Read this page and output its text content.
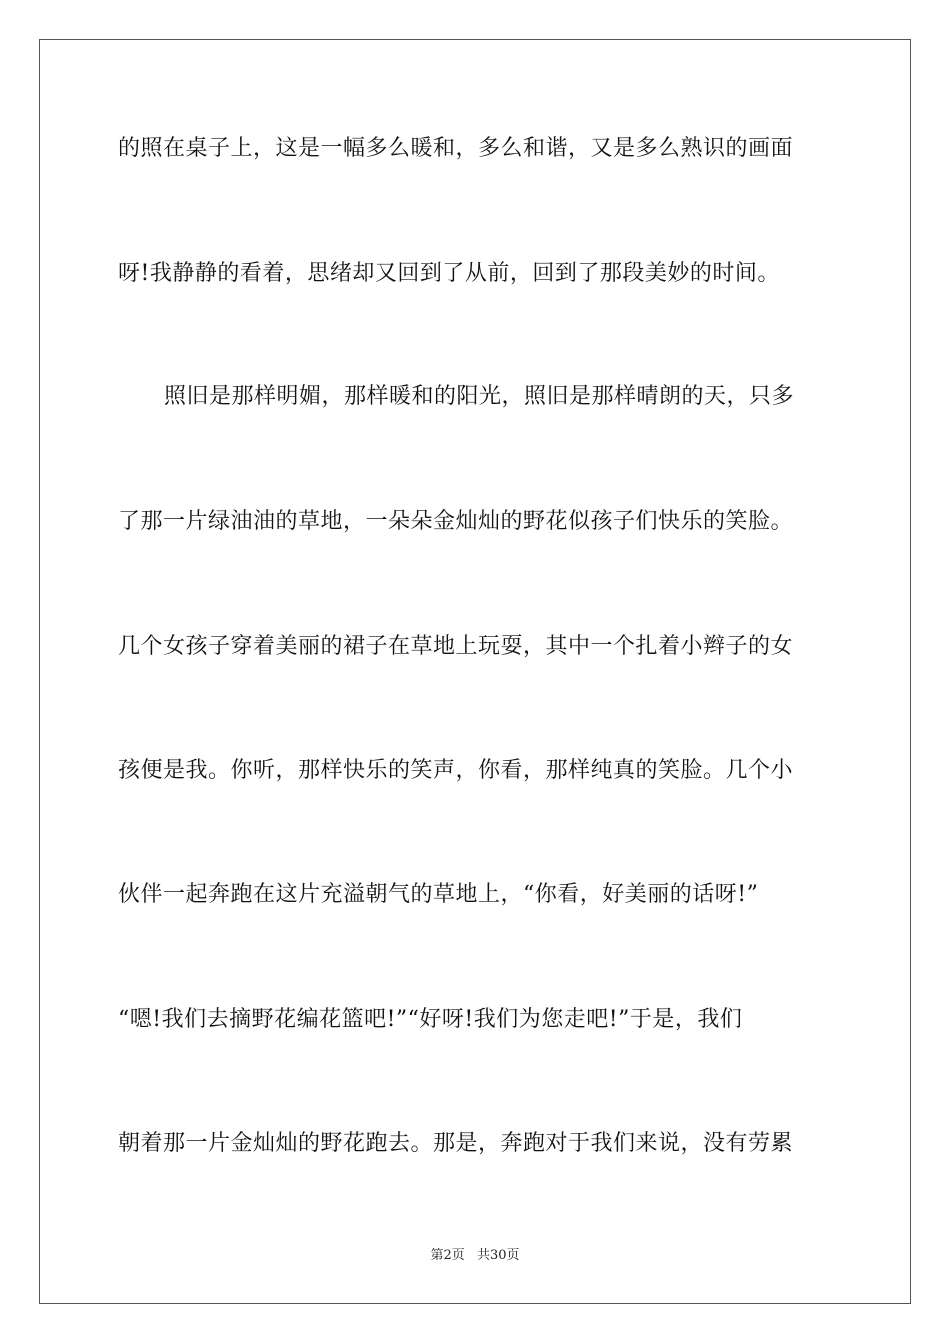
的照在桌子上，这是一幅多么暖和，多么和谐，又是多么熟识的画面
呀!我静静的看着，思绪却又回到了从前，回到了那段美妙的时间。
照旧是那样明媚，那样暖和的阳光，照旧是那样晴朗的天，只多
了那一片绿油油的草地，一朵朵金灿灿的野花似孩子们快乐的笑脸。
几个女孩子穿着美丽的裙子在草地上玩耍，其中一个扎着小辫子的女
孩便是我。你听，那样快乐的笑声，你看，那样纯真的笑脸。几个小
伙伴一起奔跑在这片充溢朝气的草地上，“你看，好美丽的话呀!”
“嗯!我们去摘野花编花篮吧!”“好呀!我们为您走吧!”于是，我们
朝着那一片金灿灿的野花跑去。那是，奔跑对于我们来说，没有劳累
第2页 共30页
